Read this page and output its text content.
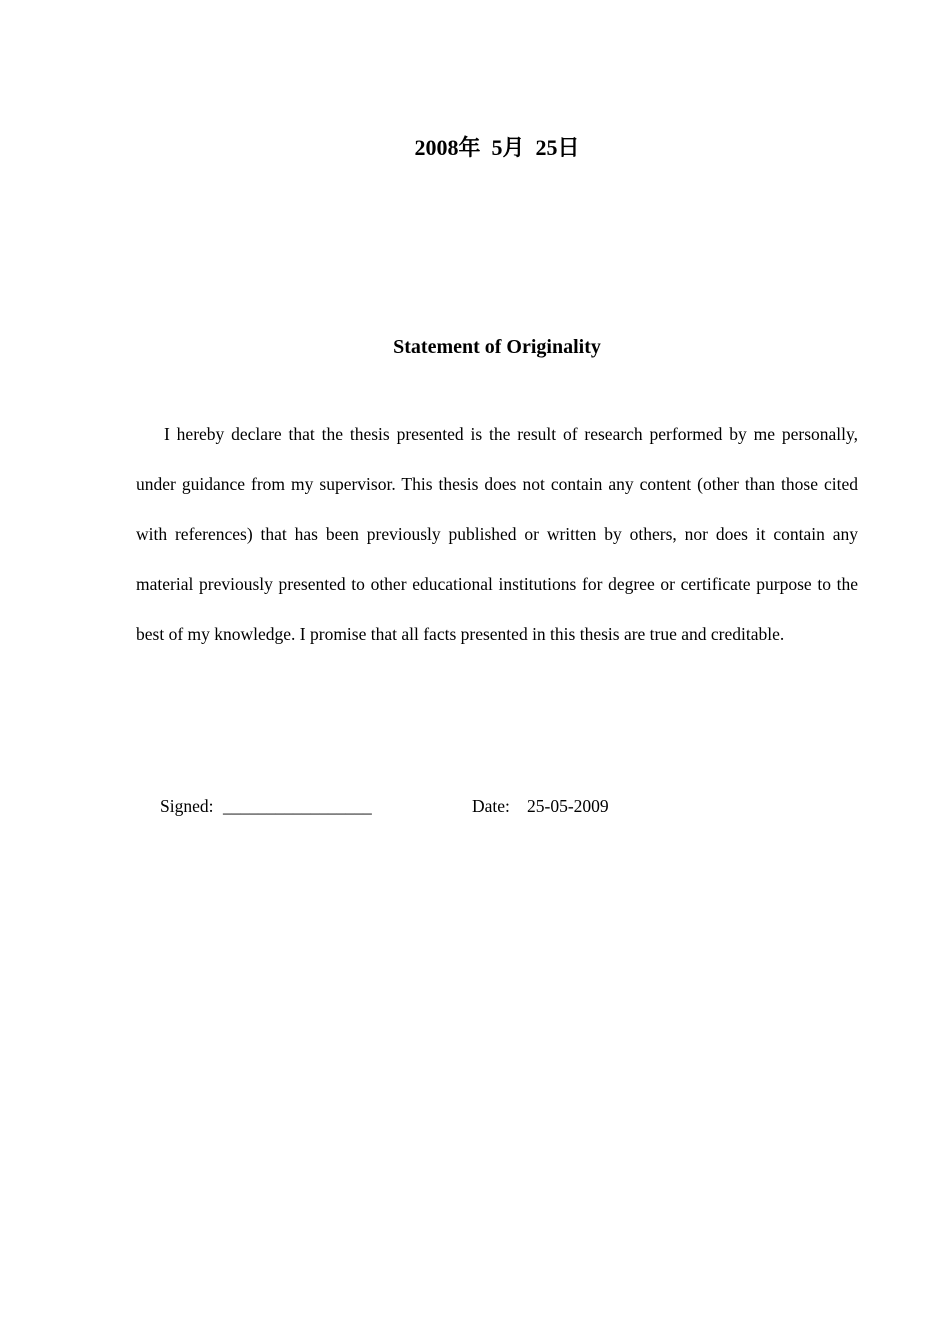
2008年  5月  25日
Statement of Originality

I hereby declare that the thesis presented is the result of research performed by me personally, under guidance from my supervisor. This thesis does not contain any content (other than those cited with references) that has been previously published or written by others, nor does it contain any material previously presented to other educational institutions for degree or certificate purpose to the best of my knowledge. I promise that all facts presented in this thesis are true and creditable.

Signed: _________________	Date: 25-05-2009
